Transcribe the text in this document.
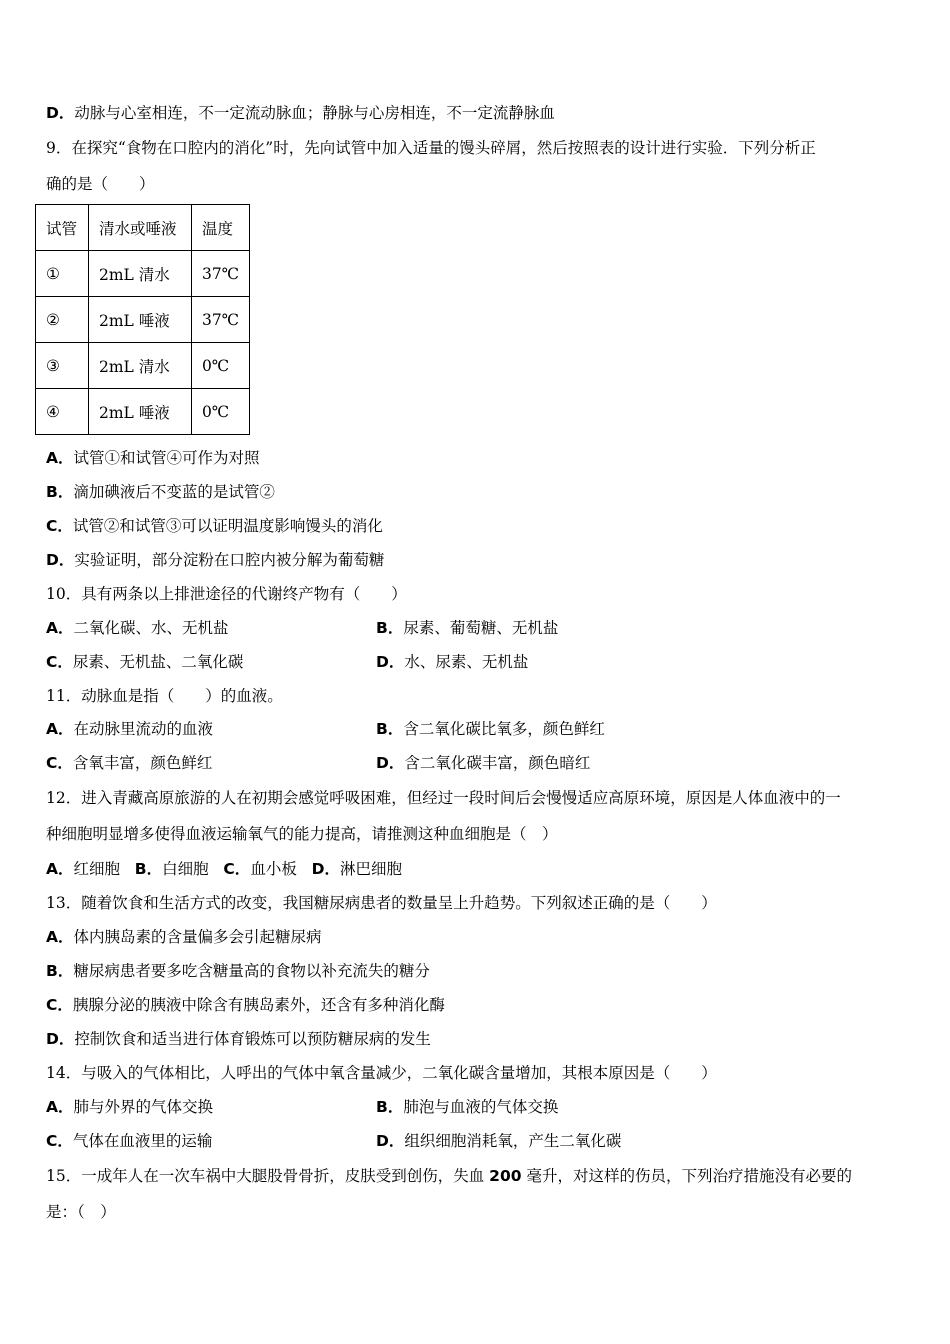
D．动脉与心室相连，不一定流动脉血；静脉与心房相连，不一定流静脉血
9．在探究“食物在口腔内的消化”时，先向试管中加入适量的馒头碎屑，然后按照表的设计进行实验．下列分析正
确的是（　　）
试管	清水或唾液	温度
①	2mL 清水	37℃
②	2mL 唾液	37℃
③	2mL 清水	0℃
④	2mL 唾液	0℃
A．试管①和试管④可作为对照
B．滴加碘液后不变蓝的是试管②
C．试管②和试管③可以证明温度影响馒头的消化
D．实验证明，部分淀粉在口腔内被分解为葡萄糖
10．具有两条以上排泄途径的代谢终产物有（　　）
A．二氧化碳、水、无机盐	B．尿素、葡萄糖、无机盐
C．尿素、无机盐、二氧化碳	D．水、尿素、无机盐
11．动脉血是指（　　）的血液。
A．在动脉里流动的血液	B．含二氧化碳比氧多，颜色鲜红
C．含氧丰富，颜色鲜红	D．含二氧化碳丰富，颜色暗红
12．进入青藏高原旅游的人在初期会感觉呼吸困难，但经过一段时间后会慢慢适应高原环境，原因是人体血液中的一
种细胞明显增多使得血液运输氧气的能力提高，请推测这种血细胞是（　）
A．红细胞 B．白细胞 C．血小板 D．淋巴细胞
13．随着饮食和生活方式的改变，我国糖尿病患者的数量呈上升趋势。下列叙述正确的是（　　）
A．体内胰岛素的含量偏多会引起糖尿病
B．糖尿病患者要多吃含糖量高的食物以补充流失的糖分
C．胰腺分泌的胰液中除含有胰岛素外，还含有多种消化酶
D．控制饮食和适当进行体育锻炼可以预防糖尿病的发生
14．与吸入的气体相比，人呼出的气体中氧含量减少，二氧化碳含量增加，其根本原因是（　　）
A．肺与外界的气体交换	B．肺泡与血液的气体交换
C．气体在血液里的运输	D．组织细胞消耗氧，产生二氧化碳
15．一成年人在一次车祸中大腿股骨骨折，皮肤受到创伤，失血 200 毫升，对这样的伤员，下列治疗措施没有必要的
是：（　）
